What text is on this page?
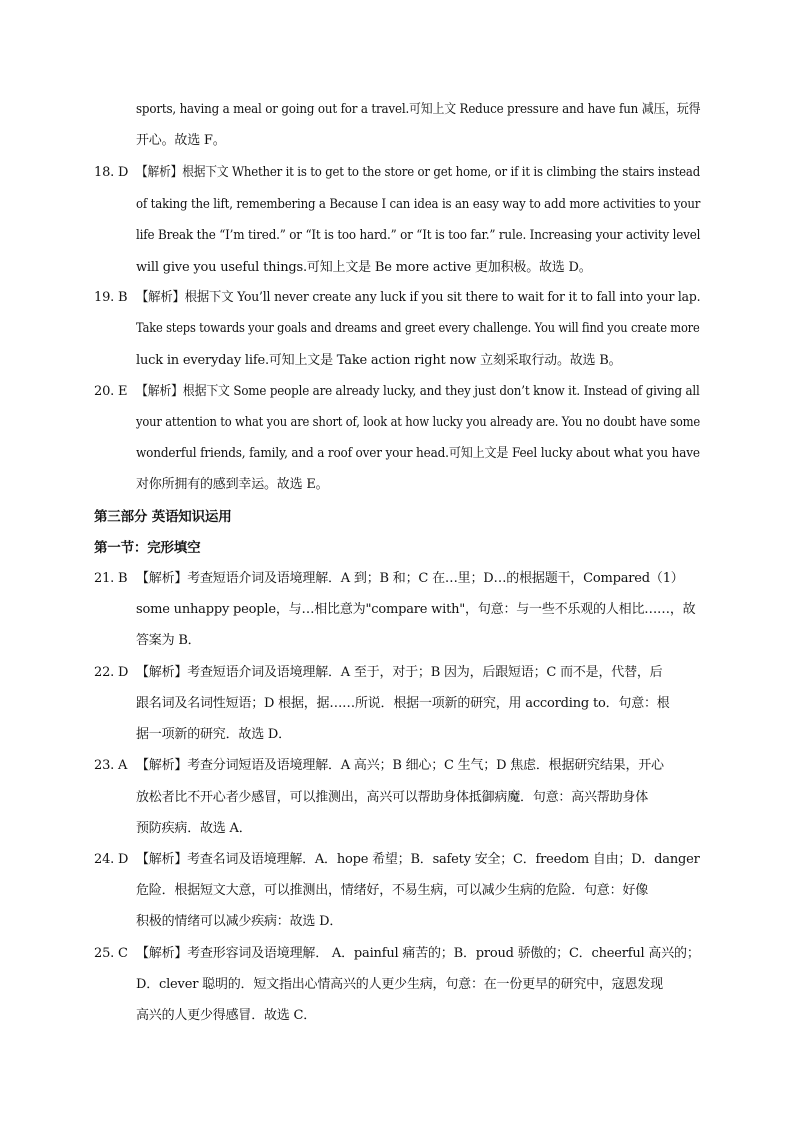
sports, having a meal or going out for a travel.可知上文 Reduce pressure and have fun 减压，玩得
开心。故选 F。
18. D 【解析】根据下文 Whether it is to get to the store or get home, or if it is climbing the stairs instead
of taking the lift, remembering a Because I can idea is an easy way to add more activities to your
life Break the “I’m tired.” or “It is too hard.” or “It is too far.” rule. Increasing your activity level
will give you useful things.可知上文是 Be more active 更加积极。故选 D。
19. B 【解析】根据下文 You’ll never create any luck if you sit there to wait for it to fall into your lap.
Take steps towards your goals and dreams and greet every challenge. You will find you create more
luck in everyday life.可知上文是 Take action right now 立刻采取行动。故选 B。
20. E 【解析】根据下文 Some people are already lucky, and they just don’t know it. Instead of giving all
your attention to what you are short of, look at how lucky you already are. You no doubt have some
wonderful friends, family, and a roof over your head.可知上文是 Feel lucky about what you have
对你所拥有的感到幸运。故选 E。
第三部分 英语知识运用
第一节：完形填空
21. B 【解析】考查短语介词及语境理解．A 到；B 和；C 在…里；D…的根据题干，Compared（1）
some unhappy people，与…相比意为"compare with"，句意：与一些不乐观的人相比……，故
答案为 B．
22. D 【解析】考查短语介词及语境理解．A 至于，对于；B 因为，后跟短语；C 而不是，代替，后
跟名词及名词性短语；D 根据，据……所说．根据一项新的研究，用 according to．句意：根
据一项新的研究．故选 D．
23. A 【解析】考查分词短语及语境理解．A 高兴；B 细心；C 生气；D 焦虑．根据研究结果，开心
放松者比不开心者少感冒，可以推测出，高兴可以帮助身体抵御病魔．句意：高兴帮助身体
预防疾病．故选 A．
24. D 【解析】考查名词及语境理解．A．hope 希望；B．safety 安全；C．freedom 自由；D．danger
危险．根据短文大意，可以推测出，情绪好，不易生病，可以减少生病的危险．句意：好像
积极的情绪可以减少疾病：故选 D．
25. C 【解析】考查形容词及语境理解． A．painful 痛苦的；B．proud 骄傲的；C．cheerful 高兴的；
D．clever 聪明的．短文指出心情高兴的人更少生病，句意：在一份更早的研究中，寇恩发现
高兴的人更少得感冒．故选 C．
